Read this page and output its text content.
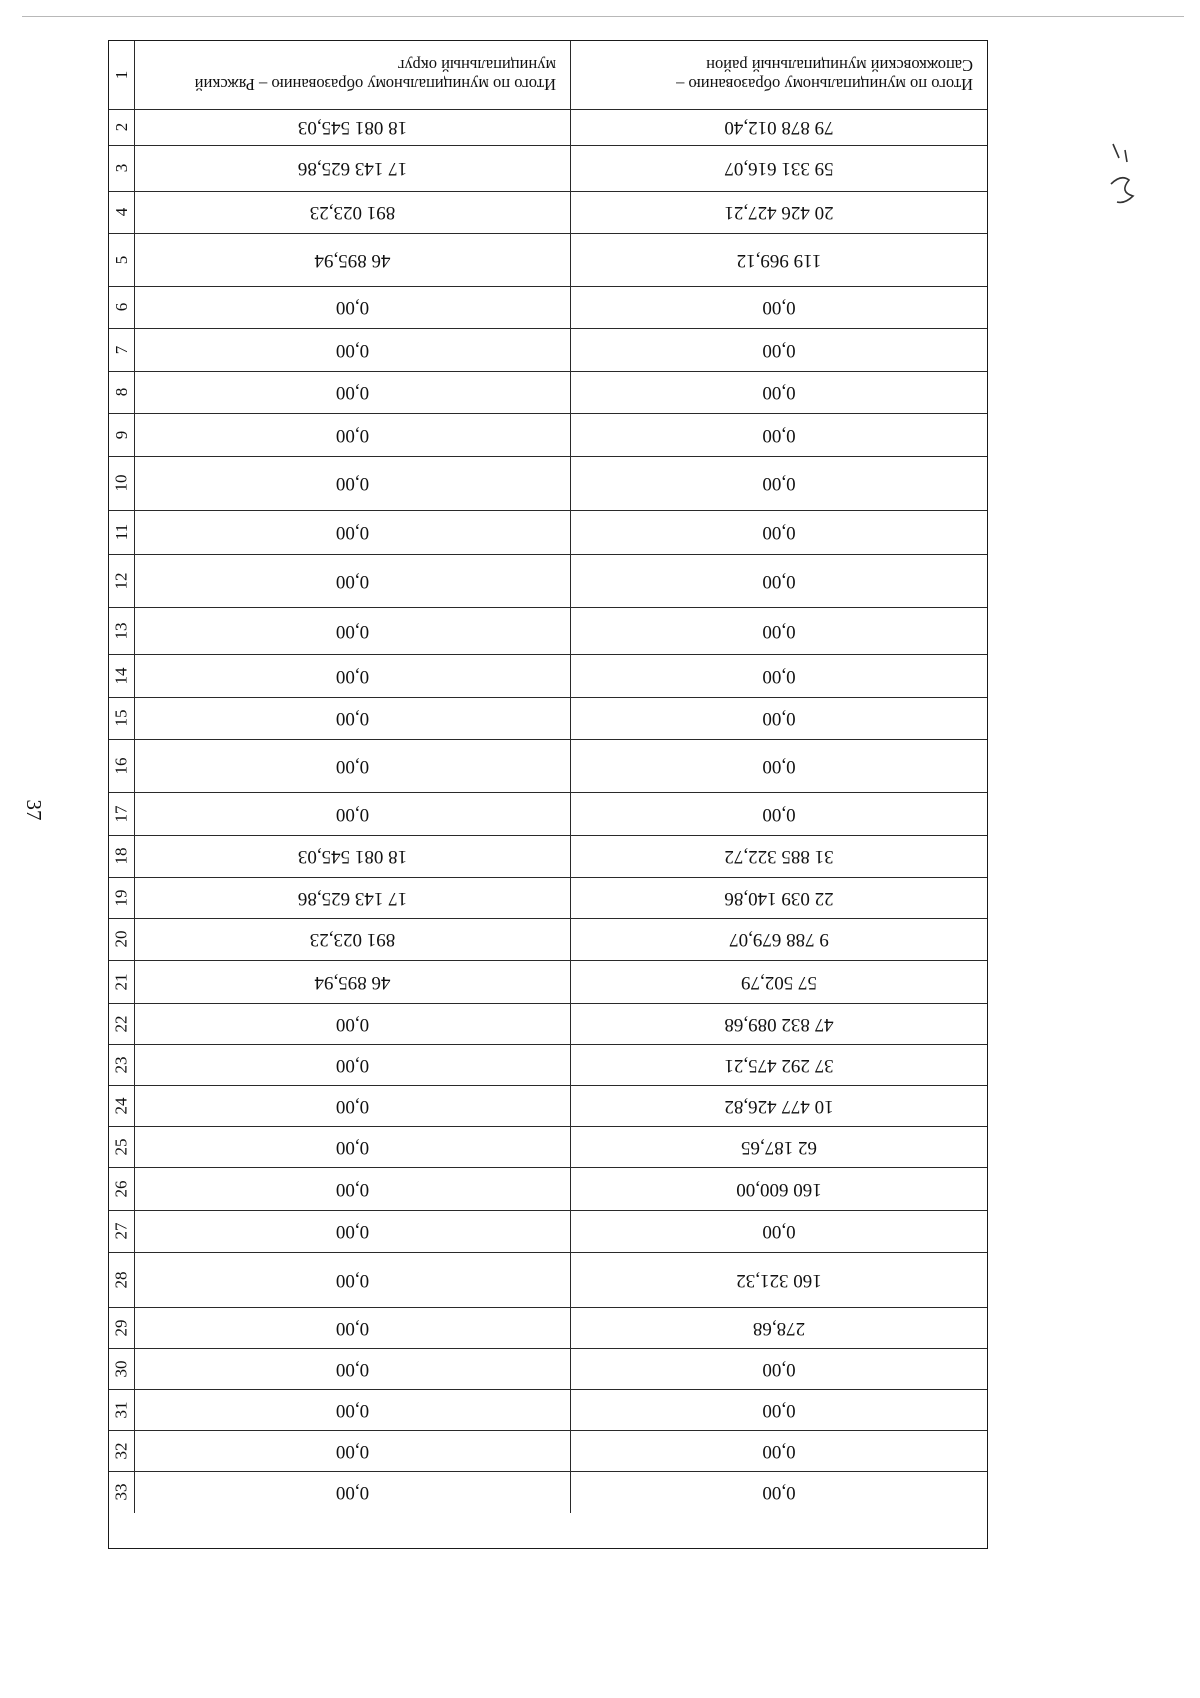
37
Итого по муниципальному образованию – Сапожковский муниципальный район
Итого по муниципальному образованию – Ряжский муниципальный округ
1
79 878 012,40
18 081 545,03
2
59 331 616,07
17 143 625,86
3
20 426 427,21
891 023,23
4
119 969,12
46 895,94
5
0,00
0,00
6
0,00
0,00
7
0,00
0,00
8
0,00
0,00
9
0,00
0,00
10
0,00
0,00
11
0,00
0,00
12
0,00
0,00
13
0,00
0,00
14
0,00
0,00
15
0,00
0,00
16
0,00
0,00
17
31 885 322,72
18 081 545,03
18
22 039 140,86
17 143 625,86
19
9 788 679,07
891 023,23
20
57 502,79
46 895,94
21
47 832 089,68
0,00
22
37 292 475,21
0,00
23
10 477 426,82
0,00
24
62 187,65
0,00
25
160 600,00
0,00
26
0,00
0,00
27
160 321,32
0,00
28
278,68
0,00
29
0,00
0,00
30
0,00
0,00
31
0,00
0,00
32
0,00
0,00
33
